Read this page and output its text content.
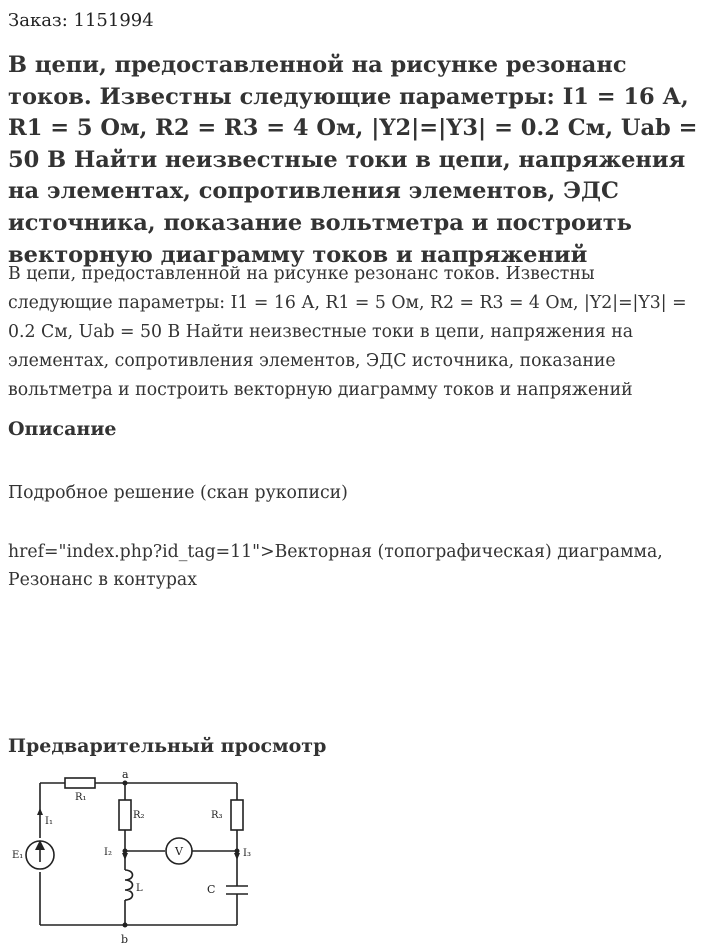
Заказ: 1151994
В цепи, предоставленной на рисунке резонанс токов. Известны следующие параметры: I1 = 16 А, R1 = 5 Ом, R2 = R3 = 4 Ом, |Y2|=|Y3| = 0.2 См, Uab = 50 В Найти неизвестные токи в цепи, напряжения на элементах, сопротивления элементов, ЭДС источника, показание вольтметра и построить векторную диаграмму токов и напряжений
В цепи, предоставленной на рисунке резонанс токов. Известны следующие параметры: I1 = 16 А, R1 = 5 Ом, R2 = R3 = 4 Ом, |Y2|=|Y3| = 0.2 См, Uab = 50 В Найти неизвестные токи в цепи, напряжения на элементах, сопротивления элементов, ЭДС источника, показание вольтметра и построить векторную диаграмму токов и напряжений
Описание
Подробное решение (скан рукописи)
href="index.php?id_tag=11">Векторная (топографическая) диаграмма, Резонанс в контурах
Предварительный просмотр
a
b
R₁
R₂	R₃
E₁
I₁
I₂	I₃
L	C
V
